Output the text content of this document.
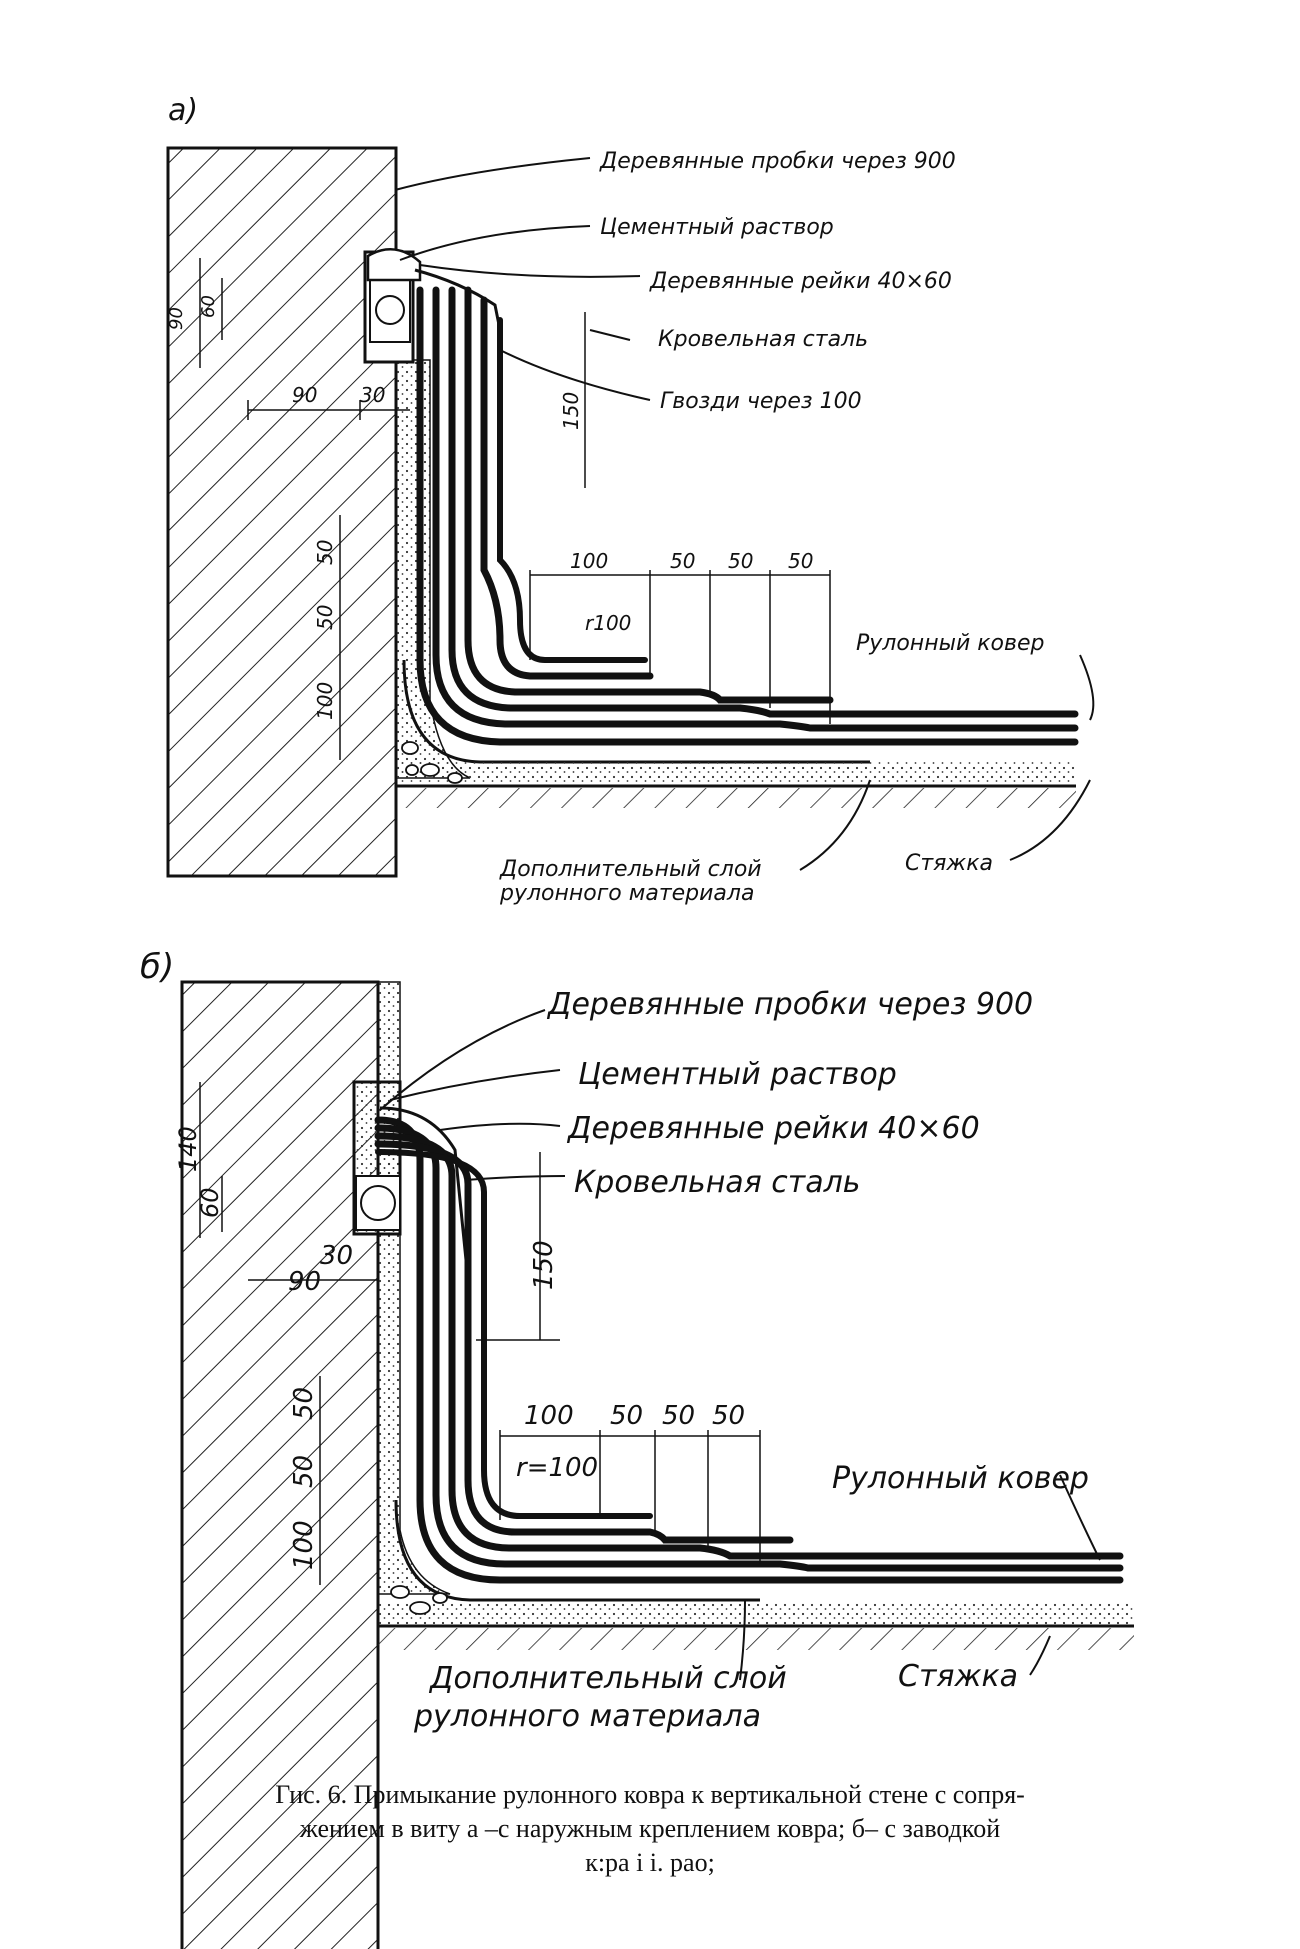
а)
90
60
90 30	150
50
50
100
100	50 50 50
r100
Деревянные пробки через 900
Цементный раствор
Деревянные рейки 40×60
Кровельная сталь
Гвозди через 100
Рулонный ковер
Дополнительный слой
рулонного материала
Стяжка
б)
140
60
90
30	150
50
50
100
100 50 50 50
r=100
Деревянные пробки через 900
Цементный раствор
Деревянные рейки 40×60
Кровельная сталь
Рулонный ковер
Дополнительный слой
рулонного материала
Стяжка
Гис. 6. Примыкание рулонного ковра к вертикальной стене с сопря-
жением в виту а –с наружным креплением ковра; б– с заводкой
к:ра і і. рао;
